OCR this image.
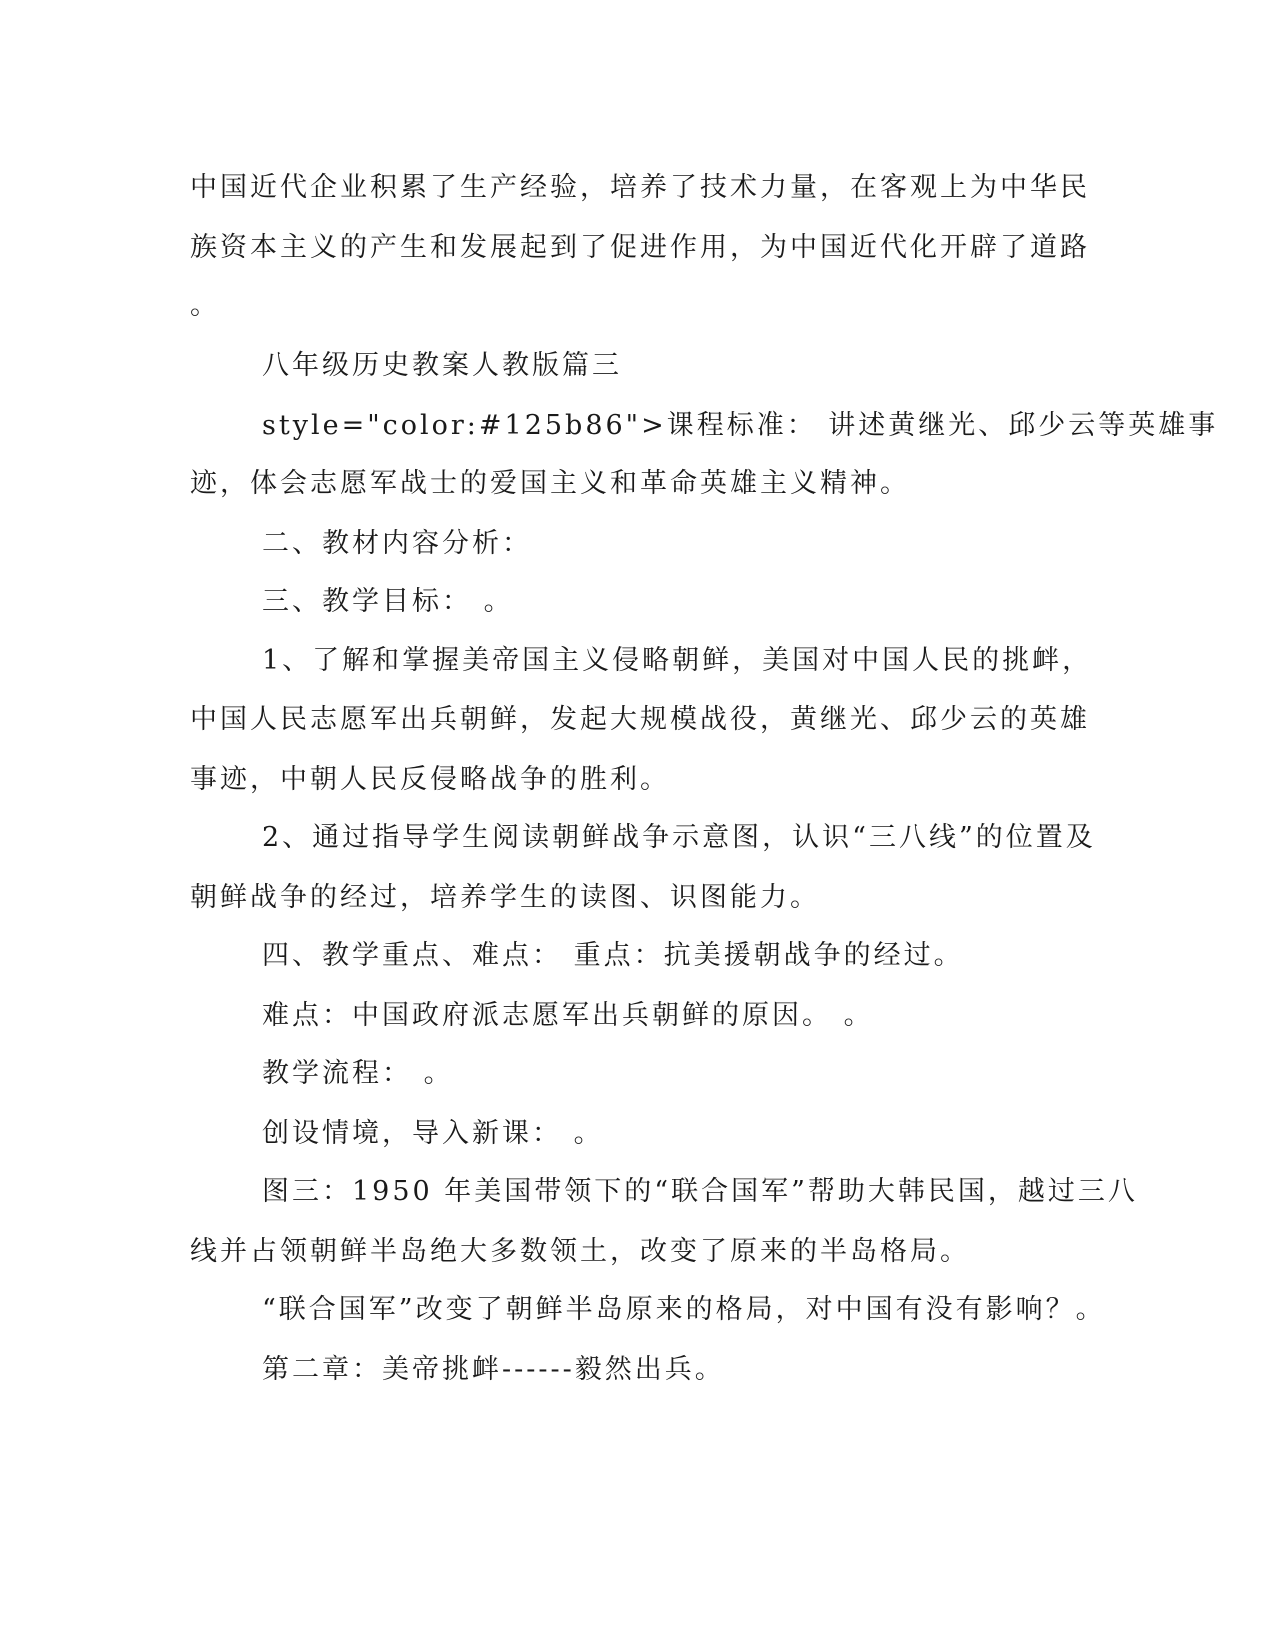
中国近代企业积累了生产经验，培养了技术力量，在客观上为中华民
族资本主义的产生和发展起到了促进作用，为中国近代化开辟了道路
。
八年级历史教案人教版篇三
style="color:#125b86">课程标准： 讲述黄继光、邱少云等英雄事
迹，体会志愿军战士的爱国主义和革命英雄主义精神。
二、教材内容分析：
三、教学目标： 。
1、了解和掌握美帝国主义侵略朝鲜，美国对中国人民的挑衅，
中国人民志愿军出兵朝鲜，发起大规模战役，黄继光、邱少云的英雄
事迹，中朝人民反侵略战争的胜利。
2、通过指导学生阅读朝鲜战争示意图，认识“三八线”的位置及
朝鲜战争的经过，培养学生的读图、识图能力。
四、教学重点、难点： 重点：抗美援朝战争的经过。
难点：中国政府派志愿军出兵朝鲜的原因。 。
教学流程： 。
创设情境，导入新课： 。
图三：1950 年美国带领下的“联合国军”帮助大韩民国，越过三八
线并占领朝鲜半岛绝大多数领土，改变了原来的半岛格局。
“联合国军”改变了朝鲜半岛原来的格局，对中国有没有影响？。
第二章：美帝挑衅------毅然出兵。
